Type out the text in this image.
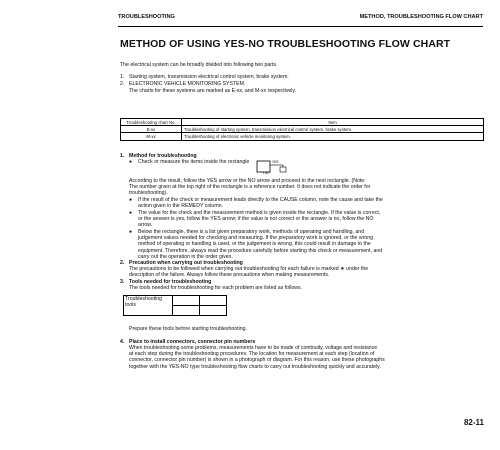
TROUBLESHOOTING	METHOD, TROUBLESHOOTING FLOW CHART
METHOD OF USING YES-NO TROUBLESHOOTING FLOW CHART
The electrical system can be broadly divided into following two parts.
1. Starting system, transmission electrical control system, brake system.
2. ELECTRONIC VEHICLE MONITORING SYSTEM.
The charts for these systems are marked as E-xx, and M-xx respectively.
Troubleshooting chart No.	Item
E-xx	Troubleshooting of starting system, transmission electrical control system, brake system.
M-xx	Troubleshooting of electronic vehicle monitoring system.
1. Method for troubleshooting
● Check or measure the items inside the rectangle	YES
NO
According to the result, follow the YES arrow or the NO arrow and proceed to the next rectangle. (Note:
The number given at the top right of the rectangle is a reference number. It does not indicate the order for
troubleshooting).
● If the result of the check or measurement leads directly to the CAUSE column, note the cause and take the
action given in the REMEDY column.
● The value for the check and the measurement method is given inside the rectangle. If the value is correct,
or the answer is yes, follow the YES arrow; if the value is not correct or the answer is no, follow the NO
arrow.
● Below the rectangle, there is a list given preparatory work, methods of operating and handling, and
judgement values needed for checking and measuring. If the preparatory work is ignored, or the wrong
method of operating or handling is used, or the judgement is wrong, this could result in damage to the
equipment. Therefore, always read the procedure carefully before starting this check or measurement, and
carry out the operation in the order given.
2. Precaution when carrying out troubleshooting
The precautions to be followed when carrying out troubleshooting for each failure is marked ★ under the
description of the failure. Always follow these precautions when making measurements.
3. Tools needed for troubleshooting
The tools needed for troubleshooting for each problem are listed as follows.
Troubleshooting tools		

Prepare these tools before starting troubleshooting.
4. Place to install connectors, connector pin numbers
When troubleshooting some problems, measurements have to be made of continuity, voltage and resistance
at each step during the troubleshooting procedures. The location for measurement at each step (location of
connector, connector pin number) is shown in a photograph or diagram. For this reason, use these photographs
together with the YES-NO type troubleshooting flow charts to carry out troubleshooting quickly and accurately.
82-11
